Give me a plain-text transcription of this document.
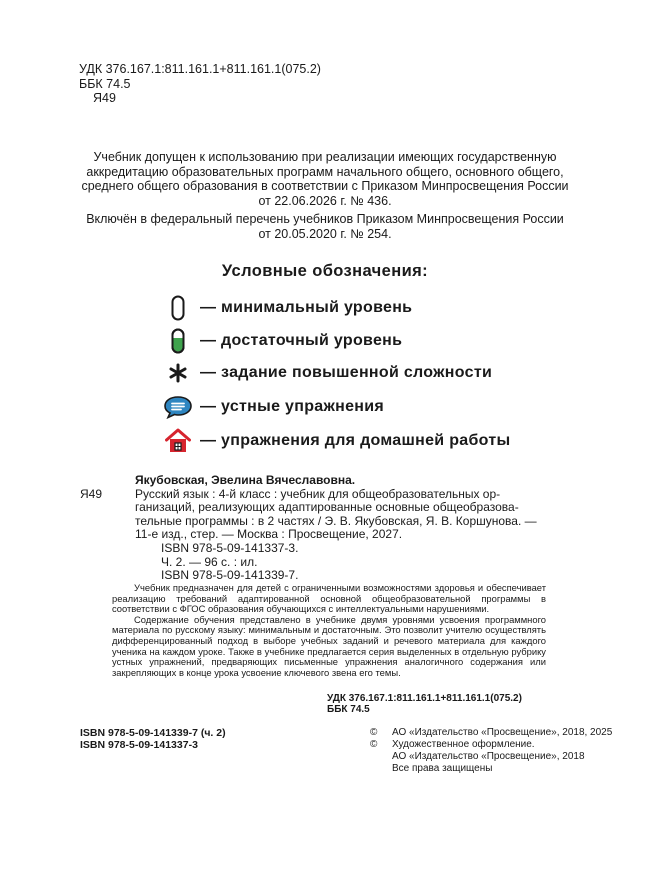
УДК 376.167.1:811.161.1+811.161.1(075.2)
ББК 74.5
Я49

Учебник допущен к использованию при реализации имеющих государственную

аккредитацию образовательных программ начального общего, основного общего,

среднего общего образования в соответствии с Приказом Минпросвещения России

от 22.06.2026 г. № 436.

Включён в федеральный перечень учебников Приказом Минпросвещения России

от 20.05.2020 г. № 254.

Условные обозначения:
— минимальный уровень
— достаточный уровень
— задание повышенной сложности
— устные упражнения
— упражнения для домашней работы
Якубовская, Эвелина Вячеславовна.
Я49	Русский язык : 4-й класс : учебник для общеобразовательных ор-
ганизаций, реализующих адаптированные основные общеобразова-
тельные программы : в 2 частях / Э. В. Якубовская, Я. В. Коршунова. —
11-е изд., стер. — Москва : Просвещение, 2027.
ISBN 978-5-09-141337-3.
Ч. 2. — 96 с. : ил.
ISBN 978-5-09-141339-7.

Учебник предназначен для детей с ограниченными возможностями здоровья и обеспечивает реализацию требований адаптированной основной общеобразовательной программы в соответствии с ФГОС образования обучающихся с интеллектуальными нарушениями.

Содержание обучения представлено в учебнике двумя уровнями усвоения программного материала по русскому языку: минимальным и достаточным. Это позволит учителю осуществлять дифференцированный подход в выборе учебных заданий и речевого материала для каждого ученика на каждом уроке. Также в учебнике предлагается серия выделенных в отдельную рубрику устных упражнений, предваряющих письменные упражнения аналогичного содержания или закрепляющих в конце урока усвоение ключевого звена его темы.

УДК 376.167.1:811.161.1+811.161.1(075.2)
ББК 74.5
ISBN 978-5-09-141339-7 (ч. 2)
ISBN 978-5-09-141337-3
©	АО «Издательство «Просвещение», 2018, 2025
©	Художественное оформление.
АО «Издательство «Просвещение», 2018
Все права защищены
